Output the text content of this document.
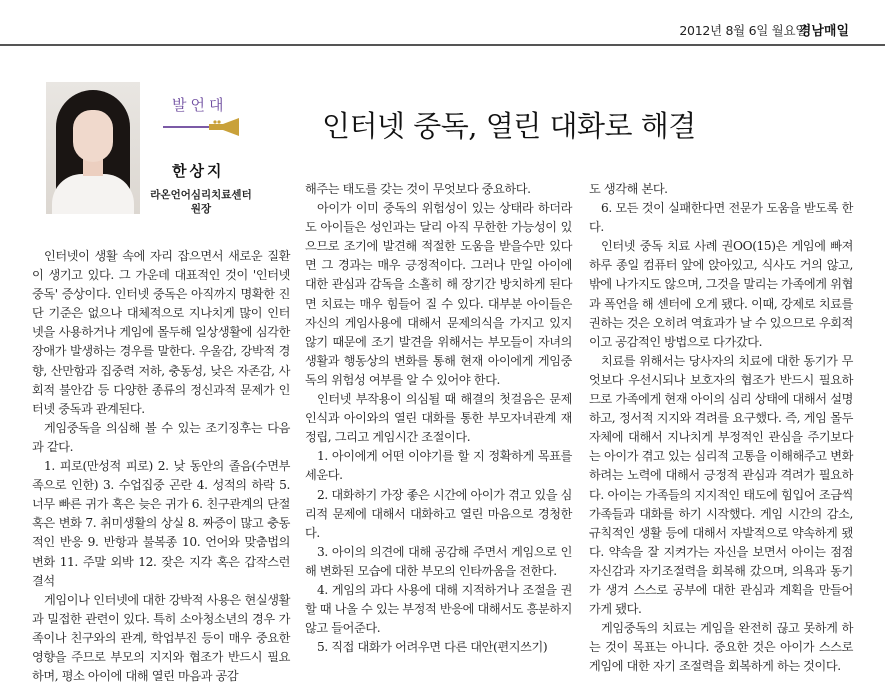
2012년 8월 6일 월요일
경남매일
발언대
한상지
라온언어심리치료센터
원장
인터넷 중독, 열린 대화로 해결

인터넷이 생활 속에 자리 잡으면서 새로운 질환이 생기고 있다. 그 가운데 대표적인 것이 '인터넷중독' 증상이다. 인터넷 중독은 아직까지 명확한 진단 기준은 없으나 대체적으로 지나치게 많이 인터넷을 사용하거나 게임에 몰두해 일상생활에 심각한 장애가 발생하는 경우를 말한다. 우울감, 강박적 경향, 산만함과 집중력 저하, 충동성, 낮은 자존감, 사회적 불안감 등 다양한 종류의 정신과적 문제가 인터넷 중독과 관계된다.

게임중독을 의심해 볼 수 있는 조기징후는 다음과 같다.

1. 피로(만성적 피로) 2. 낮 동안의 졸음(수면부족으로 인한) 3. 수업집중 곤란 4. 성적의 하락 5. 너무 빠른 귀가 혹은 늦은 귀가 6. 친구관계의 단절 혹은 변화 7. 취미생활의 상실 8. 짜증이 많고 충동적인 반응 9. 반항과 불복종 10. 언어와 맞춤법의 변화 11. 주말 외박 12. 잦은 지각 혹은 갑작스런 결석

게임이나 인터넷에 대한 강박적 사용은 현실생활과 밀접한 관련이 있다. 특히 소아청소년의 경우 가족이나 친구와의 관계, 학업부진 등이 매우 중요한 영향을 주므로 부모의 지지와 협조가 반드시 필요하며, 평소 아이에 대해 열린 마음과 공감

해주는 태도를 갖는 것이 무엇보다 중요하다.

아이가 이미 중독의 위험성이 있는 상태라 하더라도 아이들은 성인과는 달리 아직 무한한 가능성이 있으므로 조기에 발견해 적절한 도움을 받을수만 있다면 그 경과는 매우 긍정적이다. 그러나 만일 아이에 대한 관심과 감독을 소홀히 해 장기간 방치하게 된다면 치료는 매우 힘들어 질 수 있다. 대부분 아이들은 자신의 게임사용에 대해서 문제의식을 가지고 있지 않기 때문에 조기 발견을 위해서는 부모들이 자녀의 생활과 행동상의 변화를 통해 현재 아이에게 게임중독의 위험성 여부를 알 수 있어야 한다.

인터넷 부작용이 의심될 때 해결의 첫걸음은 문제 인식과 아이와의 열린 대화를 통한 부모자녀관계 재정립, 그리고 게임시간 조절이다.

1. 아이에게 어떤 이야기를 할 지 정확하게 목표를 세운다.

2. 대화하기 가장 좋은 시간에 아이가 겪고 있을 심리적 문제에 대해서 대화하고 열린 마음으로 경청한다.

3. 아이의 의견에 대해 공감해 주면서 게임으로 인해 변화된 모습에 대한 부모의 인타까움을 전한다.

4. 게임의 과다 사용에 대해 지적하거나 조절을 권할 때 나올 수 있는 부정적 반응에 대해서도 흥분하지 않고 들어준다.

5. 직접 대화가 어려우면 다른 대안(편지쓰기)

도 생각해 본다.

6. 모든 것이 실패한다면 전문가 도움을 받도록 한다.

인터넷 중독 치료 사례 권OO(15)은 게임에 빠져 하루 종일 컴퓨터 앞에 앉아있고, 식사도 거의 않고, 밖에 나가지도 않으며, 그것을 말리는 가족에게 위협과 폭언을 해 센터에 오게 됐다. 이때, 강제로 치료를 권하는 것은 오히려 역효과가 날 수 있으므로 우회적이고 공감적인 방법으로 다가갔다.

치료를 위해서는 당사자의 치료에 대한 동기가 무엇보다 우선시되나 보호자의 협조가 반드시 필요하므로 가족에게 현재 아이의 심리 상태에 대해서 설명하고, 정서적 지지와 격려를 요구했다. 즉, 게임 몰두 자체에 대해서 지나치게 부정적인 관심을 주기보다는 아이가 겪고 있는 심리적 고통을 이해해주고 변화하려는 노력에 대해서 긍정적 관심과 격려가 필요하다. 아이는 가족들의 지지적인 태도에 힘입어 조금씩 가족들과 대화를 하기 시작했다. 게임 시간의 감소, 규칙적인 생활 등에 대해서 자발적으로 약속하게 됐다. 약속을 잘 지켜가는 자신을 보면서 아이는 점점 자신감과 자기조절력을 회복해 갔으며, 의욕과 동기가 생겨 스스로 공부에 대한 관심과 계획을 만들어 가게 됐다.

게임중독의 치료는 게임을 완전히 끊고 못하게 하는 것이 목표는 아니다. 중요한 것은 아이가 스스로 게임에 대한 자기 조절력을 회복하게 하는 것이다.
